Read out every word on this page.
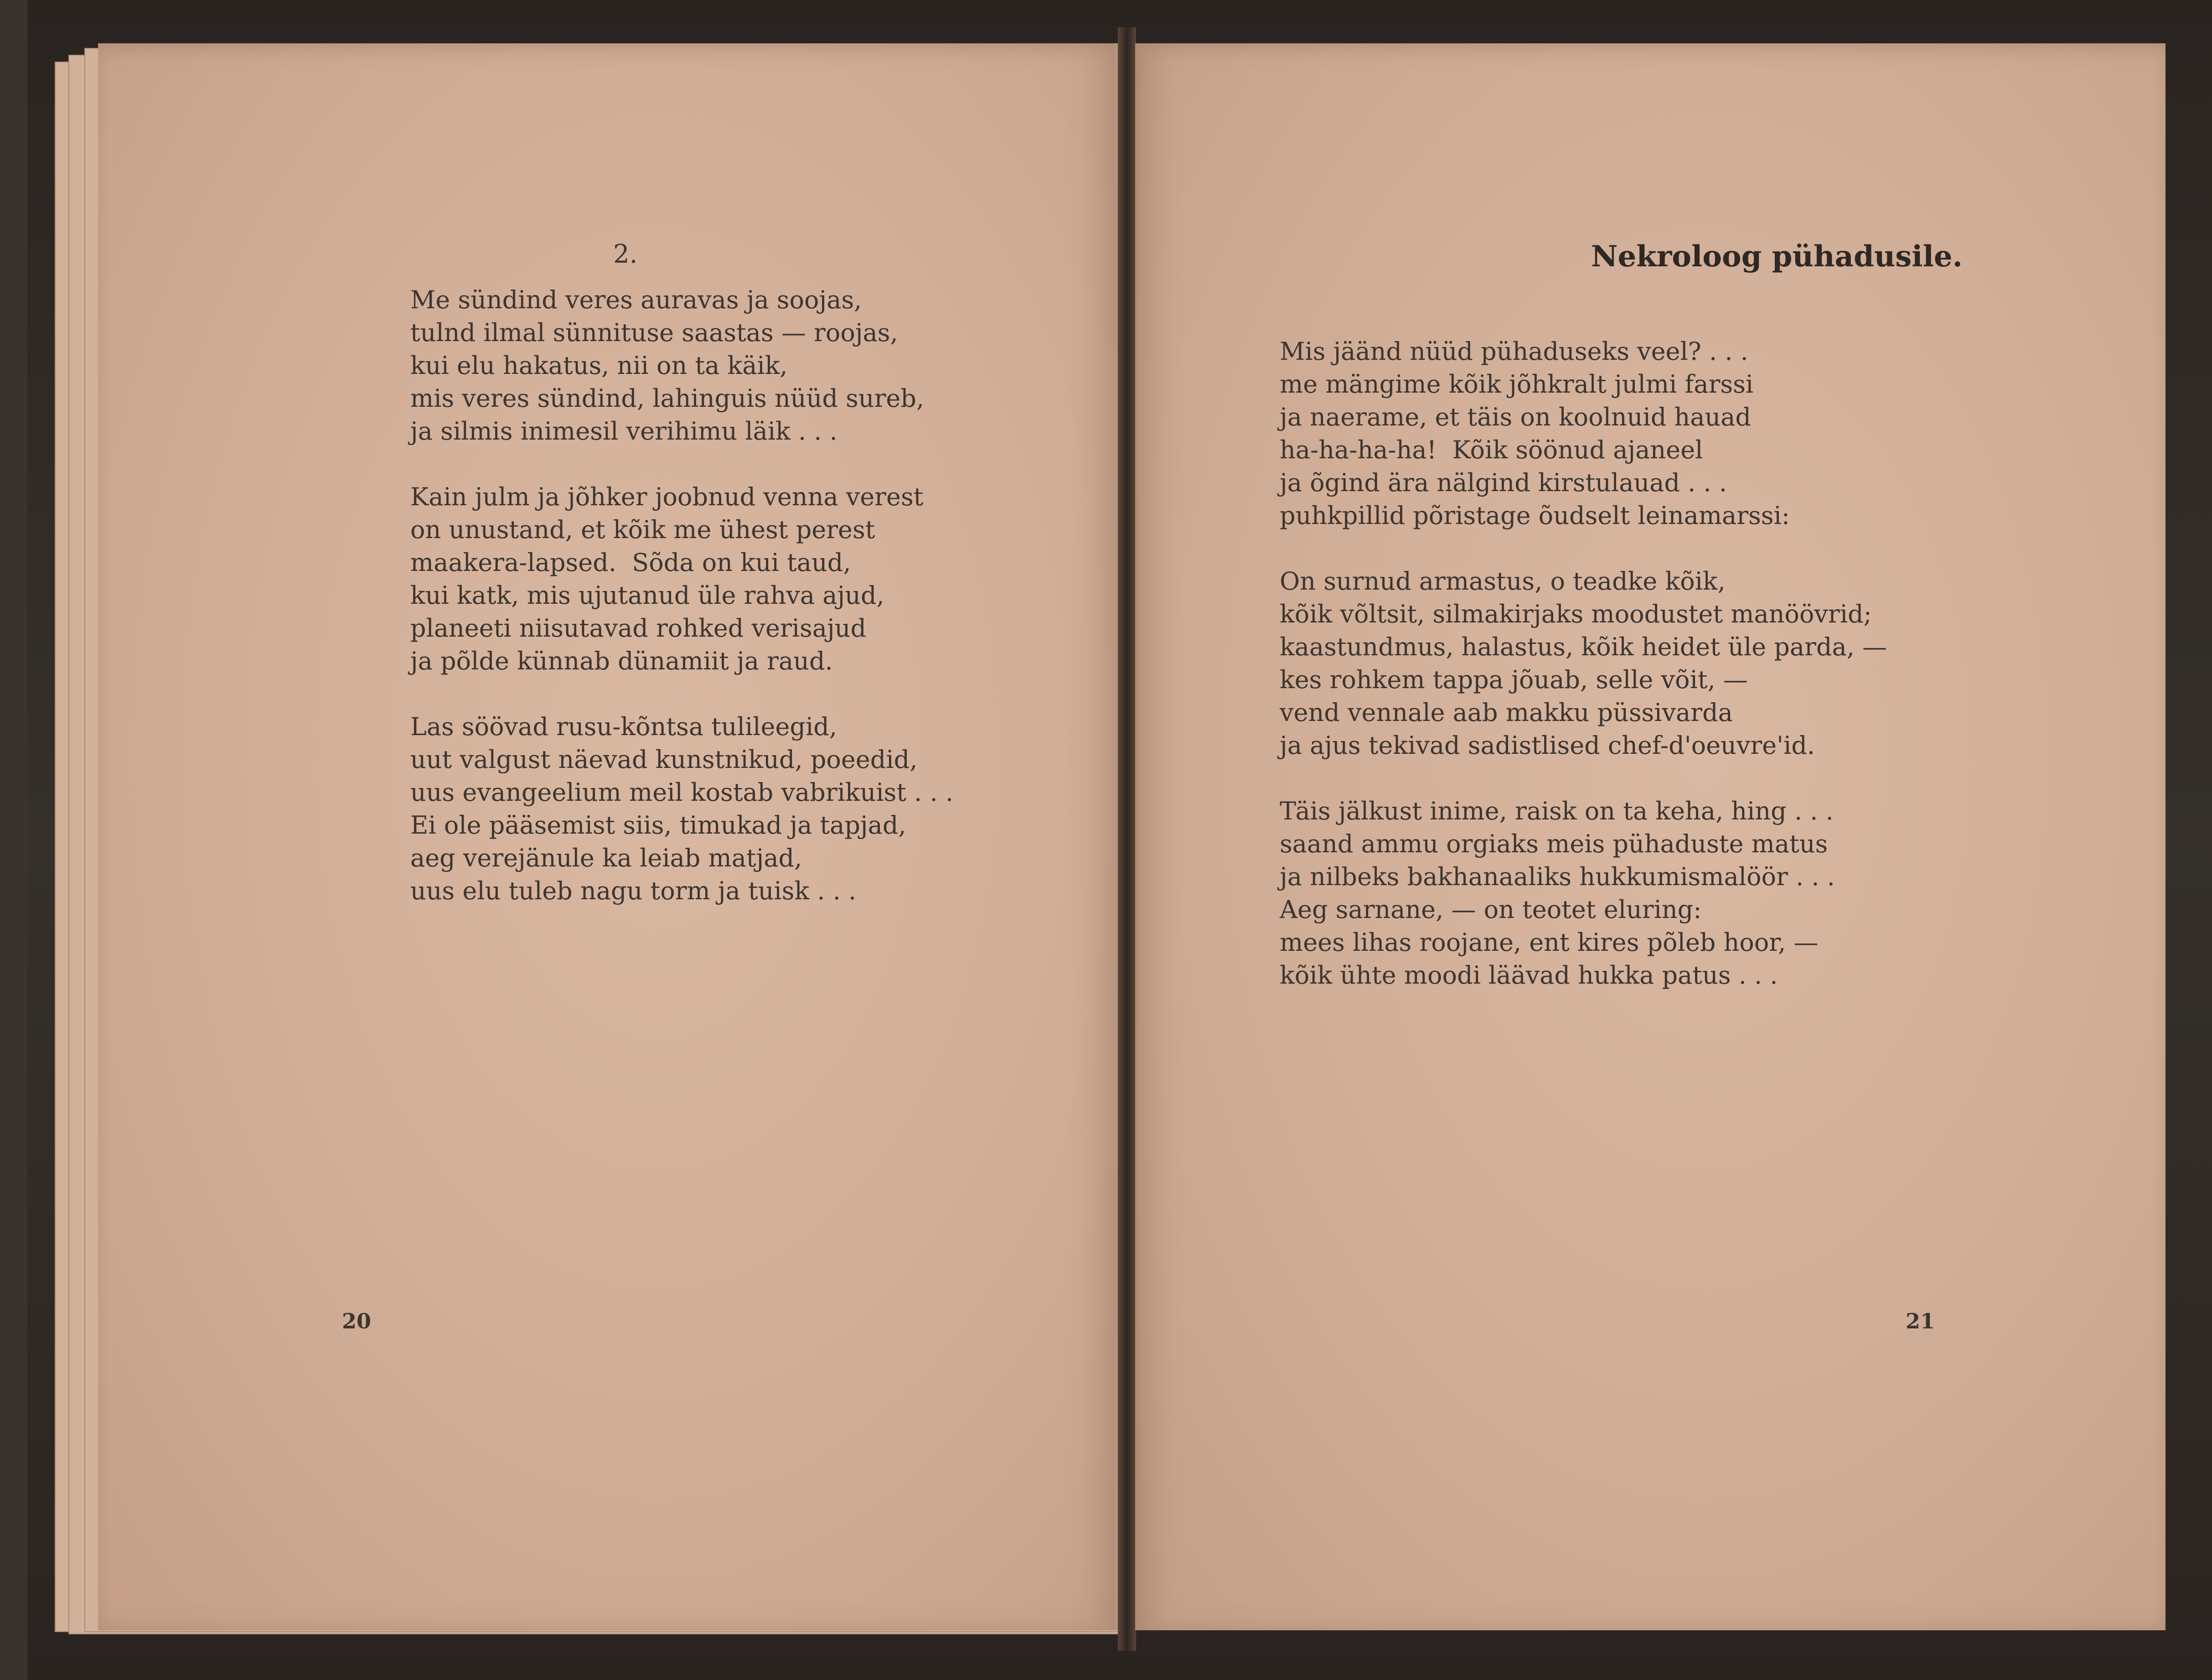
2.
Me sündind veres auravas ja soojas,
tulnd ilmal sünnituse saastas — roojas,
kui elu hakatus, nii on ta käik,
mis veres sündind, lahinguis nüüd sureb,
ja silmis inimesil verihimu läik . . .
Kain julm ja jõhker joobnud venna verest
on unustand, et kõik me ühest perest
maakera-lapsed.  Sõda on kui taud,
kui katk, mis ujutanud üle rahva ajud,
planeeti niisutavad rohked verisajud
ja põlde künnab dünamiit ja raud.
Las söövad rusu-kõntsa tulileegid,
uut valgust näevad kunstnikud, poeedid,
uus evangeelium meil kostab vabrikuist . . .
Ei ole pääsemist siis, timukad ja tapjad,
aeg verejänule ka leiab matjad,
uus elu tuleb nagu torm ja tuisk . . .
20
Nekroloog pühadusile.
Mis jäänd nüüd pühaduseks veel? . . .
me mängime kõik jõhkralt julmi farssi
ja naerame, et täis on koolnuid hauad
ha-ha-ha-ha!  Kõik söönud ajaneel
ja õgind ära nälgind kirstulauad . . .
puhkpillid põristage õudselt leinamarssi:
On surnud armastus, o teadke kõik,
kõik võltsit, silmakirjaks moodustet manöövrid;
kaastundmus, halastus, kõik heidet üle parda, —
kes rohkem tappa jõuab, selle võit, —
vend vennale aab makku püssivarda
ja ajus tekivad sadistlised chef-d'oeuvre'id.
Täis jälkust inime, raisk on ta keha, hing . . .
saand ammu orgiaks meis pühaduste matus
ja nilbeks bakhanaaliks hukkumismalöör . . .
Aeg sarnane, — on teotet eluring:
mees lihas roojane, ent kires põleb hoor, —
kõik ühte moodi läävad hukka patus . . .
21
